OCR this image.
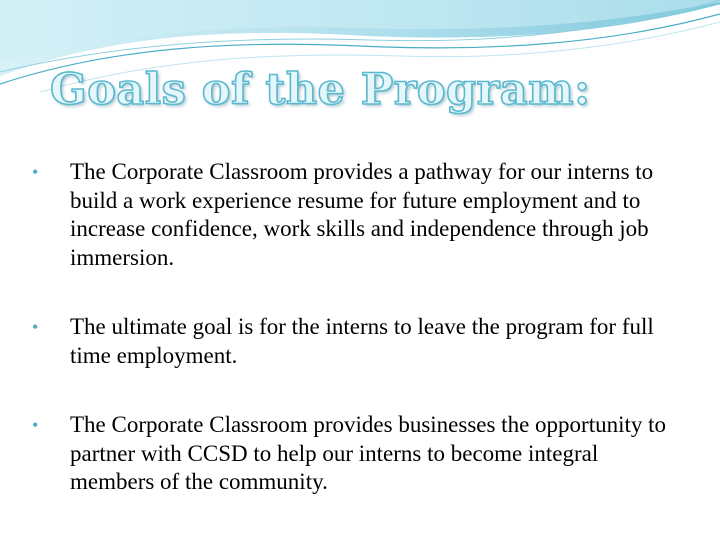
Goals of the Program:
•	The Corporate Classroom provides a pathway for our interns to build a work experience resume for future employment and to increase confidence, work skills and independence through job immersion.
•	The ultimate goal is for the interns to leave the program for full time employment.
•	The Corporate Classroom provides businesses the opportunity to partner with CCSD to help our interns to become integral members of the community.
